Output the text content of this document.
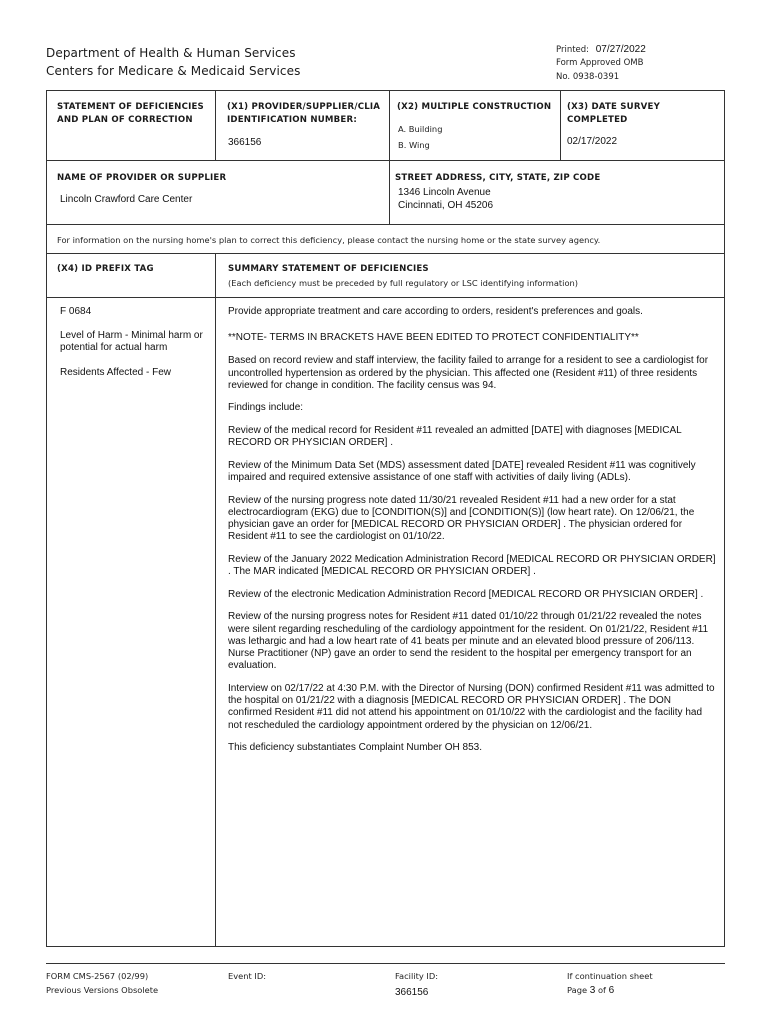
Department of Health & Human Services
Centers for Medicare & Medicaid Services
Printed: 07/27/2022
Form Approved OMB
No. 0938-0391
STATEMENT OF DEFICIENCIES AND PLAN OF CORRECTION
(X1) PROVIDER/SUPPLIER/CLIA IDENTIFICATION NUMBER:
366156
(X2) MULTIPLE CONSTRUCTION
A. Building
B. Wing
(X3) DATE SURVEY COMPLETED
02/17/2022
NAME OF PROVIDER OR SUPPLIER
Lincoln Crawford Care Center
STREET ADDRESS, CITY, STATE, ZIP CODE
1346 Lincoln Avenue
Cincinnati, OH 45206
For information on the nursing home's plan to correct this deficiency, please contact the nursing home or the state survey agency.
(X4) ID PREFIX TAG	SUMMARY STATEMENT OF DEFICIENCIES
(Each deficiency must be preceded by full regulatory or LSC identifying information)
F 0684
Level of Harm - Minimal harm or potential for actual harm
Residents Affected - Few

Provide appropriate treatment and care according to orders, resident's preferences and goals.

**NOTE- TERMS IN BRACKETS HAVE BEEN EDITED TO PROTECT CONFIDENTIALITY**

Based on record review and staff interview, the facility failed to arrange for a resident to see a cardiologist for uncontrolled hypertension as ordered by the physician. This affected one (Resident #11) of three residents reviewed for change in condition. The facility census was 94.

Findings include:

Review of the medical record for Resident #11 revealed an admitted [DATE] with diagnoses [MEDICAL RECORD OR PHYSICIAN ORDER] .

Review of the Minimum Data Set (MDS) assessment dated [DATE] revealed Resident #11 was cognitively impaired and required extensive assistance of one staff with activities of daily living (ADLs).

Review of the nursing progress note dated 11/30/21 revealed Resident #11 had a new order for a stat electrocardiogram (EKG) due to [CONDITION(S)] and [CONDITION(S)] (low heart rate). On 12/06/21, the physician gave an order for [MEDICAL RECORD OR PHYSICIAN ORDER] . The physician ordered for Resident #11 to see the cardiologist on 01/10/22.

Review of the January 2022 Medication Administration Record [MEDICAL RECORD OR PHYSICIAN ORDER] . The MAR indicated [MEDICAL RECORD OR PHYSICIAN ORDER] .

Review of the electronic Medication Administration Record [MEDICAL RECORD OR PHYSICIAN ORDER] .

Review of the nursing progress notes for Resident #11 dated 01/10/22 through 01/21/22 revealed the notes were silent regarding rescheduling of the cardiology appointment for the resident. On 01/21/22, Resident #11 was lethargic and had a low heart rate of 41 beats per minute and an elevated blood pressure of 206/113. Nurse Practitioner (NP) gave an order to send the resident to the hospital per emergency transport for an evaluation.

Interview on 02/17/22 at 4:30 P.M. with the Director of Nursing (DON) confirmed Resident #11 was admitted to the hospital on 01/21/22 with a diagnosis [MEDICAL RECORD OR PHYSICIAN ORDER] . The DON confirmed Resident #11 did not attend his appointment on 01/10/22 with the cardiologist and the facility had not rescheduled the cardiology appointment ordered by the physician on 12/06/21.

This deficiency substantiates Complaint Number OH 853.

FORM CMS-2567 (02/99)
Previous Versions Obsolete
Event ID:	Facility ID:
366156
If continuation sheet
Page 3 of 6
